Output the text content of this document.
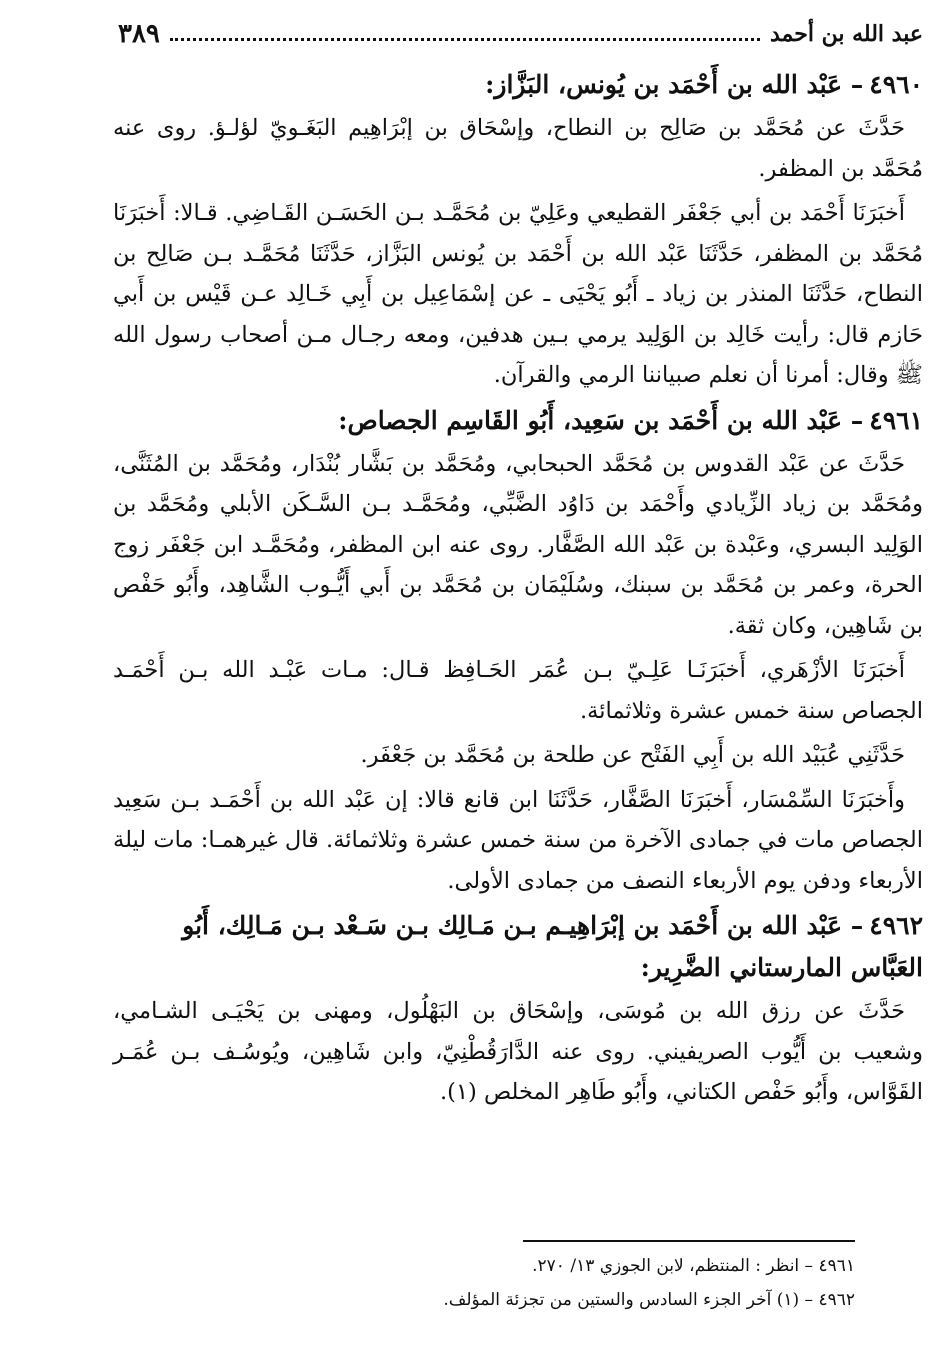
عبد الله بن أحمد
٣٨٩
٤٩٦٠– عَبْد الله بن أَحْمَد بن يُونس، البَزَّاز:

حَدَّثَ عن مُحَمَّد بن صَالِح بن النطاح، وإسْحَاق بن إبْرَاهِيم البَغَـويّ لؤلـؤ. روى عنه مُحَمَّد بن المظفر.

أَخبَرَنَا أَحْمَد بن أبي جَعْفَر القطيعي وعَلِيّ بن مُحَمَّـد بـن الحَسَـن القَـاضِي. قـالا: أَخبَرَنَا مُحَمَّد بن المظفر، حَدَّثَنَا عَبْد الله بن أَحْمَد بن يُونس البَزَّاز، حَدَّثَنَا مُحَمَّـد بـن صَالِح بن النطاح، حَدَّثَنَا المنذر بن زياد ـ أَبُو يَحْيَى ـ عن إسْمَاعِيل بن أَبِي خَـالِد عـن قَيْس بن أَبي حَازم قال: رأيت خَالِد بن الوَلِيد يرمي بـين هدفين، ومعه رجـال مـن أصحاب رسول الله ﷺ وقال: أمرنا أن نعلم صبياننا الرمي والقرآن.

٤٩٦١– عَبْد الله بن أَحْمَد بن سَعِيد، أَبُو القَاسِم الجصاص:

حَدَّثَ عن عَبْد القدوس بن مُحَمَّد الحبحابي، ومُحَمَّد بن بَشَّار بُنْدَار، ومُحَمَّد بن المُثَنَّى، ومُحَمَّد بن زياد الزِّيادي وأَحْمَد بن دَاوُد الضَّبِّي، ومُحَمَّـد بـن السَّـكَن الأبلي ومُحَمَّد بن الوَلِيد البسري، وعَبْدة بن عَبْد الله الصَّفَّار. روى عنه ابن المظفر، ومُحَمَّـد ابن جَعْفَر زوج الحرة، وعمر بن مُحَمَّد بن سبنك، وسُلَيْمَان بن مُحَمَّد بن أَبي أَيُّـوب الشَّاهِد، وأَبُو حَفْص بن شَاهِين، وكان ثقة.

أَخبَرَنَا الأزْهَري، أَخبَرَنَـا عَلِـيّ بـن عُمَر الحَـافِظ قـال: مـات عَبْـد الله بـن أَحْمَـد الجصاص سنة خمس عشرة وثلاثمائة.

حَدَّثَنِي عُبَيْد الله بن أَبِي الفَتْح عن طلحة بن مُحَمَّد بن جَعْفَر.

وأَخبَرَنَا السِّمْسَار، أَخبَرَنَا الصَّفَّار، حَدَّثَنَا ابن قانع قالا: إن عَبْد الله بن أَحْمَـد بـن سَعِيد الجصاص مات في جمادى الآخرة من سنة خمس عشرة وثلاثمائة. قال غيرهمـا: مات ليلة الأربعاء ودفن يوم الأربعاء النصف من جمادى الأولى.

٤٩٦٢– عَبْد الله بن أَحْمَد بن إبْرَاهِيـم بـن مَـالِك بـن سَـعْد بـن مَـالِك، أَبُو العَبَّاس المارستاني الضَّرِير:

حَدَّثَ عن رزق الله بن مُوسَى، وإسْحَاق بن البَهْلُول، ومهنى بن يَحْيَـى الشـامي، وشعيب بن أَيُّوب الصريفيني. روى عنه الدَّارَقُطْنِيّ، وابن شَاهِين، ويُوسُـف بـن عُمَـر القَوَّاس، وأَبُو حَفْص الكتاني، وأَبُو طَاهِر المخلص (١).

٤٩٦١ – انظر : المنتظم، لابن الجوزي ١٣/ ٢٧٠.

٤٩٦٢ – (١) آخر الجزء السادس والستين من تجزئة المؤلف.
